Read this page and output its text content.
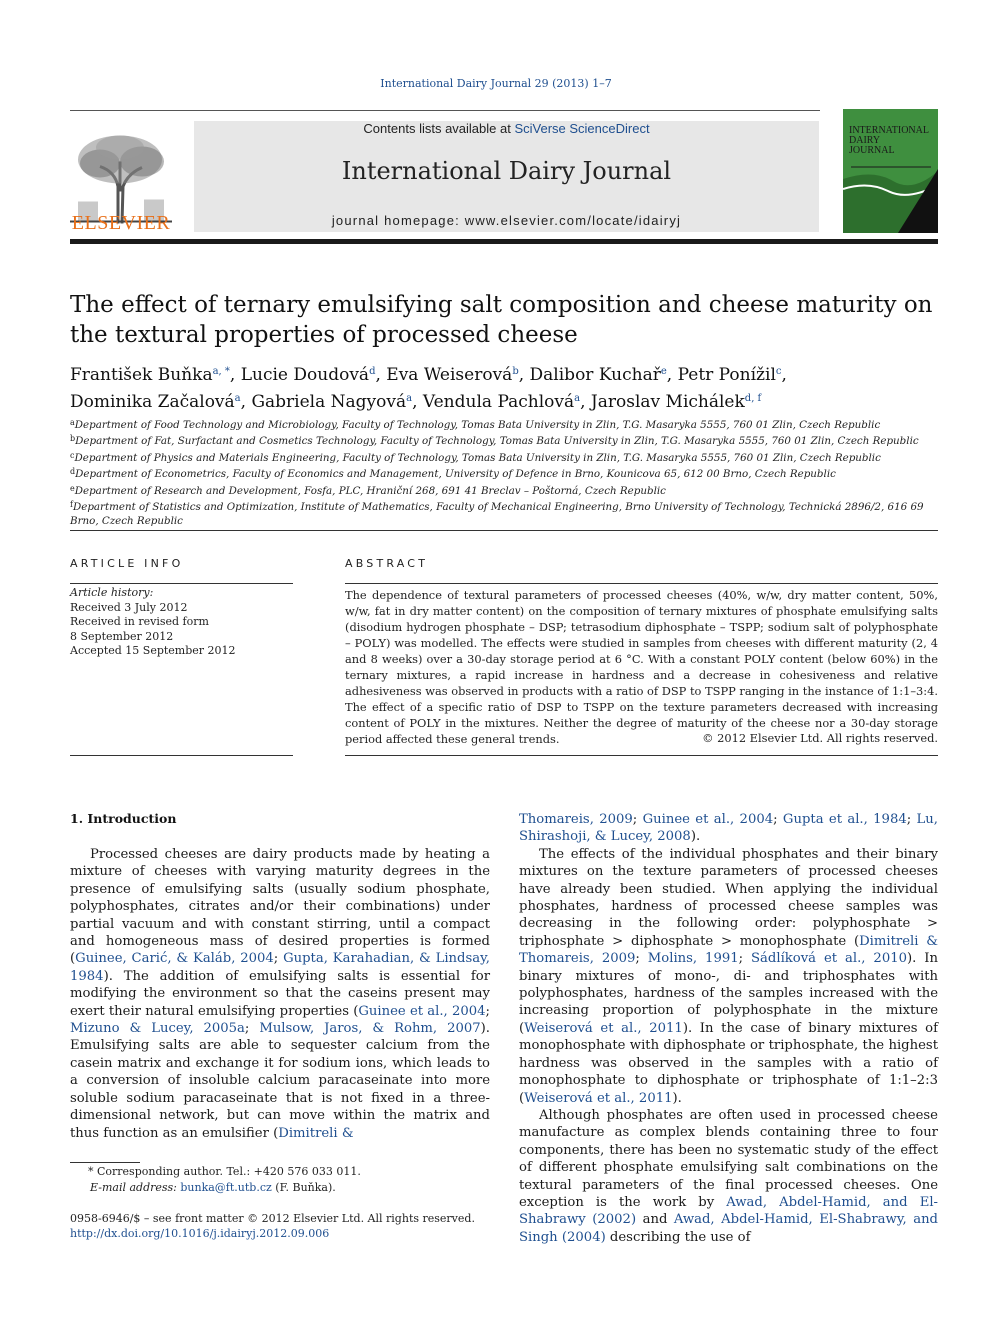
International Dairy Journal 29 (2013) 1–7
ELSEVIER
Contents lists available at SciVerse ScienceDirect
International Dairy Journal
journal homepage: www.elsevier.com/locate/idairyj
INTERNATIONAL
DAIRY
JOURNAL
The effect of ternary emulsifying salt composition and cheese maturity on the textural properties of processed cheese
František Buňka$^{a, *}$, Lucie Doudová$^d$, Eva Weiserová$^b$, Dalibor Kuchař$^e$, Petr Ponížil$^c$,
Dominika Začalová$^a$, Gabriela Nagyová$^a$, Vendula Pachlová$^a$, Jaroslav Michálek$^{d, f}$
$^a$Department of Food Technology and Microbiology, Faculty of Technology, Tomas Bata University in Zlin, T.G. Masaryka 5555, 760 01 Zlin, Czech Republic
$^b$Department of Fat, Surfactant and Cosmetics Technology, Faculty of Technology, Tomas Bata University in Zlin, T.G. Masaryka 5555, 760 01 Zlin, Czech Republic
$^c$Department of Physics and Materials Engineering, Faculty of Technology, Tomas Bata University in Zlin, T.G. Masaryka 5555, 760 01 Zlin, Czech Republic
$^d$Department of Econometrics, Faculty of Economics and Management, University of Defence in Brno, Kounicova 65, 612 00 Brno, Czech Republic
$^e$Department of Research and Development, Fosfa, PLC, Hraniční 268, 691 41 Breclav – Poštorná, Czech Republic
$^f$Department of Statistics and Optimization, Institute of Mathematics, Faculty of Mechanical Engineering, Brno University of Technology, Technická 2896/2, 616 69 Brno, Czech Republic
ARTICLE INFO	ABSTRACT
Article history:
Received 3 July 2012
Received in revised form
8 September 2012
Accepted 15 September 2012
The dependence of textural parameters of processed cheeses (40%, w/w, dry matter content, 50%, w/w, fat in dry matter content) on the composition of ternary mixtures of phosphate emulsifying salts (disodium hydrogen phosphate – DSP; tetrasodium diphosphate – TSPP; sodium salt of polyphosphate – POLY) was modelled. The effects were studied in samples from cheeses with different maturity (2, 4 and 8 weeks) over a 30-day storage period at 6 °C. With a constant POLY content (below 60%) in the ternary mixtures, a rapid increase in hardness and a decrease in cohesiveness and relative adhesiveness was observed in products with a ratio of DSP to TSPP ranging in the instance of 1:1–3:4. The effect of a specific ratio of DSP to TSPP on the texture parameters decreased with increasing content of POLY in the mixtures. Neither the degree of maturity of the cheese nor a 30-day storage period affected these general trends.	© 2012 Elsevier Ltd. All rights reserved.
1. Introduction

Processed cheeses are dairy products made by heating a mixture of cheeses with varying maturity degrees in the presence of emulsifying salts (usually sodium phosphate, polyphosphates, citrates and/or their combinations) under partial vacuum and with constant stirring, until a compact and homogeneous mass of desired properties is formed (Guinee, Carić, & Kaláb, 2004; Gupta, Karahadian, & Lindsay, 1984). The addition of emulsifying salts is essential for modifying the environment so that the caseins present may exert their natural emulsifying properties (Guinee et al., 2004; Mizuno & Lucey, 2005a; Mulsow, Jaros, & Rohm, 2007). Emulsifying salts are able to sequester calcium from the casein matrix and exchange it for sodium ions, which leads to a conversion of insoluble calcium paracaseinate into more soluble sodium paracaseinate that is not fixed in a three-dimensional network, but can move within the matrix and thus function as an emulsifier (Dimitreli &

Thomareis, 2009; Guinee et al., 2004; Gupta et al., 1984; Lu, Shirashoji, & Lucey, 2008).

The effects of the individual phosphates and their binary mixtures on the texture parameters of processed cheeses have already been studied. When applying the individual phosphates, hardness of processed cheese samples was decreasing in the following order: polyphosphate > triphosphate > diphosphate > monophosphate (Dimitreli & Thomareis, 2009; Molins, 1991; Sádlíková et al., 2010). In binary mixtures of mono-, di- and triphosphates with polyphosphates, hardness of the samples increased with the increasing proportion of polyphosphate in the mixture (Weiserová et al., 2011). In the case of binary mixtures of monophosphate with diphosphate or triphosphate, the highest hardness was observed in the samples with a ratio of monophosphate to diphosphate or triphosphate of 1:1–2:3 (Weiserová et al., 2011).

Although phosphates are often used in processed cheese manufacture as complex blends containing three to four components, there has been no systematic study of the effect of different phosphate emulsifying salt combinations on the textural parameters of the final processed cheeses. One exception is the work by Awad, Abdel-Hamid, and El-Shabrawy (2002) and Awad, Abdel-Hamid, El-Shabrawy, and Singh (2004) describing the use of

* Corresponding author. Tel.: +420 576 033 011.
E-mail address: bunka@ft.utb.cz (F. Buňka).
0958-6946/$ – see front matter © 2012 Elsevier Ltd. All rights reserved.
http://dx.doi.org/10.1016/j.idairyj.2012.09.006
